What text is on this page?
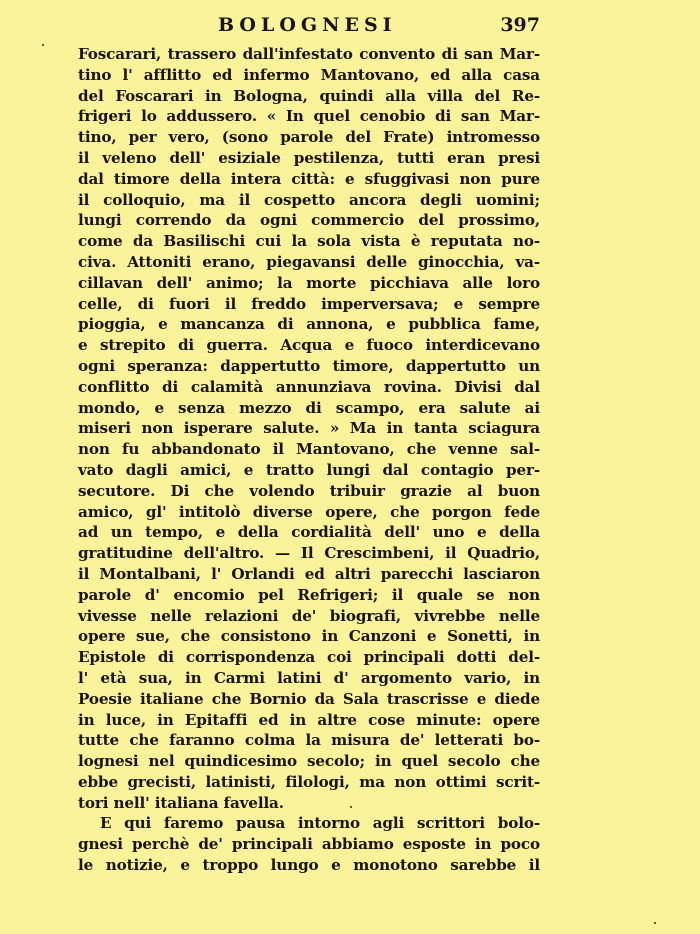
BOLOGNESI	397
Foscarari, trassero dall'infestato convento di san Mar-
tino l' afflitto ed infermo Mantovano, ed alla casa
del Foscarari in Bologna, quindi alla villa del Re-
frigeri lo addussero. « In quel cenobio di san Mar-
tino, per vero, (sono parole del Frate) intromesso
il veleno dell' esiziale pestilenza, tutti eran presi
dal timore della intera città: e sfuggivasi non pure
il colloquio, ma il cospetto ancora degli uomini;
lungi correndo da ogni commercio del prossimo,
come da Basilischi cui la sola vista è reputata no-
civa. Attoniti erano, piegavansi delle ginocchia, va-
cillavan dell' animo; la morte picchiava alle loro
celle, di fuori il freddo imperversava; e sempre
pioggia, e mancanza di annona, e pubblica fame,
e strepito di guerra. Acqua e fuoco interdicevano
ogni speranza: dappertutto timore, dappertutto un
conflitto di calamità annunziava rovina. Divisi dal
mondo, e senza mezzo di scampo, era salute ai
miseri non isperare salute. » Ma in tanta sciagura
non fu abbandonato il Mantovano, che venne sal-
vato dagli amici, e tratto lungi dal contagio per-
secutore. Di che volendo tribuir grazie al buon
amico, gl' intitolò diverse opere, che porgon fede
ad un tempo, e della cordialità dell' uno e della
gratitudine dell'altro. — Il Crescimbeni, il Quadrio,
il Montalbani, l' Orlandi ed altri parecchi lasciaron
parole d' encomio pel Refrigeri; il quale se non
vivesse nelle relazioni de' biografi, vivrebbe nelle
opere sue, che consistono in Canzoni e Sonetti, in
Epistole di corrispondenza coi principali dotti del-
l' età sua, in Carmi latini d' argomento vario, in
Poesie italiane che Bornio da Sala trascrisse e diede
in luce, in Epitaffi ed in altre cose minute: opere
tutte che faranno colma la misura de' letterati bo-
lognesi nel quindicesimo secolo; in quel secolo che
ebbe grecisti, latinisti, filologi, ma non ottimi scrit-
tori nell' italiana favella.
E qui faremo pausa intorno agli scrittori bolo-
gnesi perchè de' principali abbiamo esposte in poco
le notizie, e troppo lungo e monotono sarebbe il
